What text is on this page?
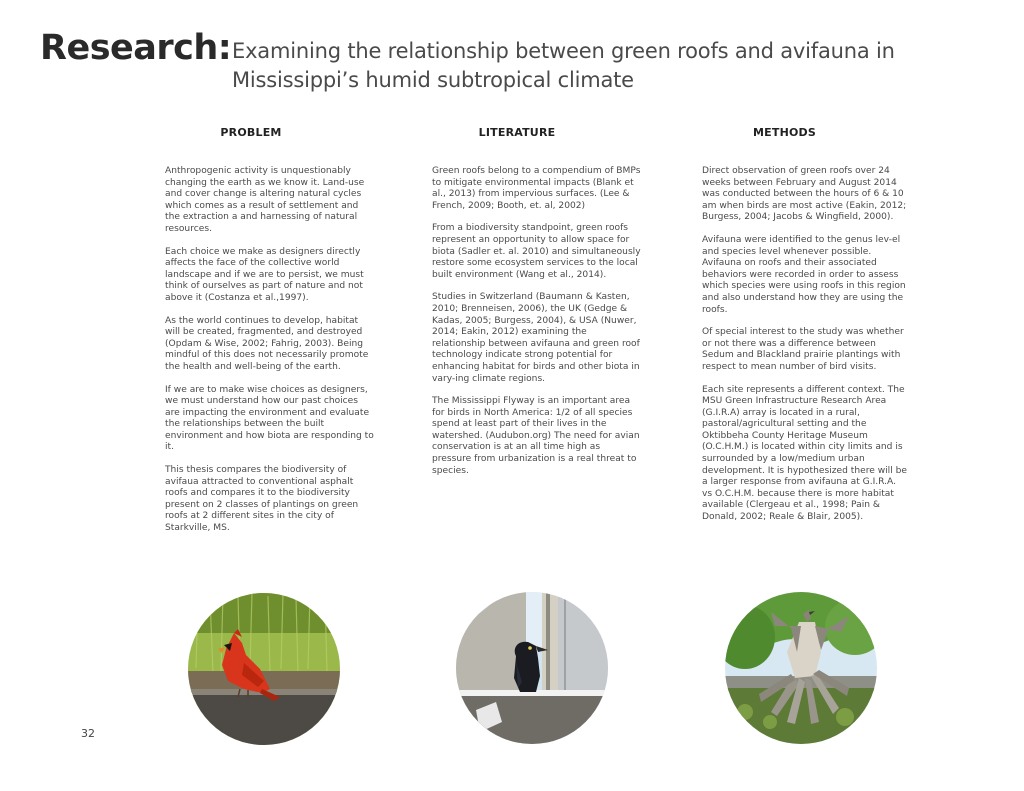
Research: Examining the relationship between green roofs and avifauna in Mississippi’s humid subtropical climate
PROBLEM

Anthropogenic activity is unquestionably changing the earth as we know it. Land-use and cover change is altering natural cycles which comes as a result of settlement and the extraction a and harnessing of natural resources.

Each choice we make as designers directly affects the face of the collective world landscape and if we are to persist, we must think of ourselves as part of nature and not above it (Costanza et al.,1997).

As the world continues to develop, habitat will be created, fragmented, and destroyed (Opdam & Wise, 2002; Fahrig, 2003). Being mindful of this does not necessarily promote the health and well-being of the earth.

If we are to make wise choices as designers, we must understand how our past choices are impacting the environment and evaluate the relationships between the built environment and how biota are responding to it.

This thesis compares the biodiversity of avifaua attracted to conventional asphalt roofs and compares it to the biodiversity present on 2 classes of plantings on green roofs at 2 different sites in the city of Starkville, MS.

LITERATURE

Green roofs belong to a compendium of BMPs to mitigate environmental impacts (Blank et al., 2013) from impervious surfaces. (Lee & French, 2009; Booth, et. al, 2002)

From a biodiversity standpoint, green roofs represent an opportunity to allow space for biota (Sadler et. al. 2010) and simultaneously restore some ecosystem services to the local built environment (Wang et al., 2014).

Studies in Switzerland (Baumann & Kasten, 2010; Brenneisen, 2006), the UK (Gedge & Kadas, 2005; Burgess, 2004), & USA (Nuwer, 2014; Eakin, 2012) examining the relationship between avifauna and green roof technology indicate strong potential for enhancing habitat for birds and other biota in vary-ing climate regions.

The Mississippi Flyway is an important area for birds in North America: 1/2 of all species spend at least part of their lives in the watershed. (Audubon.org) The need for avian conservation is at an all time high as pressure from urbanization is a real threat to species.

METHODS

Direct observation of green roofs over 24 weeks between February and August 2014 was conducted between the hours of 6 & 10 am when birds are most active (Eakin, 2012; Burgess, 2004; Jacobs & Wingfield, 2000).

Avifauna were identified to the genus lev-el and species level whenever possible. Avifauna on roofs and their associated behaviors were recorded in order to assess which species were using roofs in this region and also understand how they are using the roofs.

Of special interest to the study was whether or not there was a difference between Sedum and Blackland prairie plantings with respect to mean number of bird visits.

Each site represents a different context. The MSU Green Infrastructure Research Area (G.I.R.A) array is located in a rural, pastoral/agricultural setting and the Oktibbeha County Heritage Museum (O.C.H.M.) is located within city limits and is surrounded by a low/medium urban development. It is hypothesized there will be a larger response from avifauna at G.I.R.A. vs O.C.H.M. because there is more habitat available (Clergeau et al., 1998; Pain & Donald, 2002; Reale & Blair, 2005).

32
